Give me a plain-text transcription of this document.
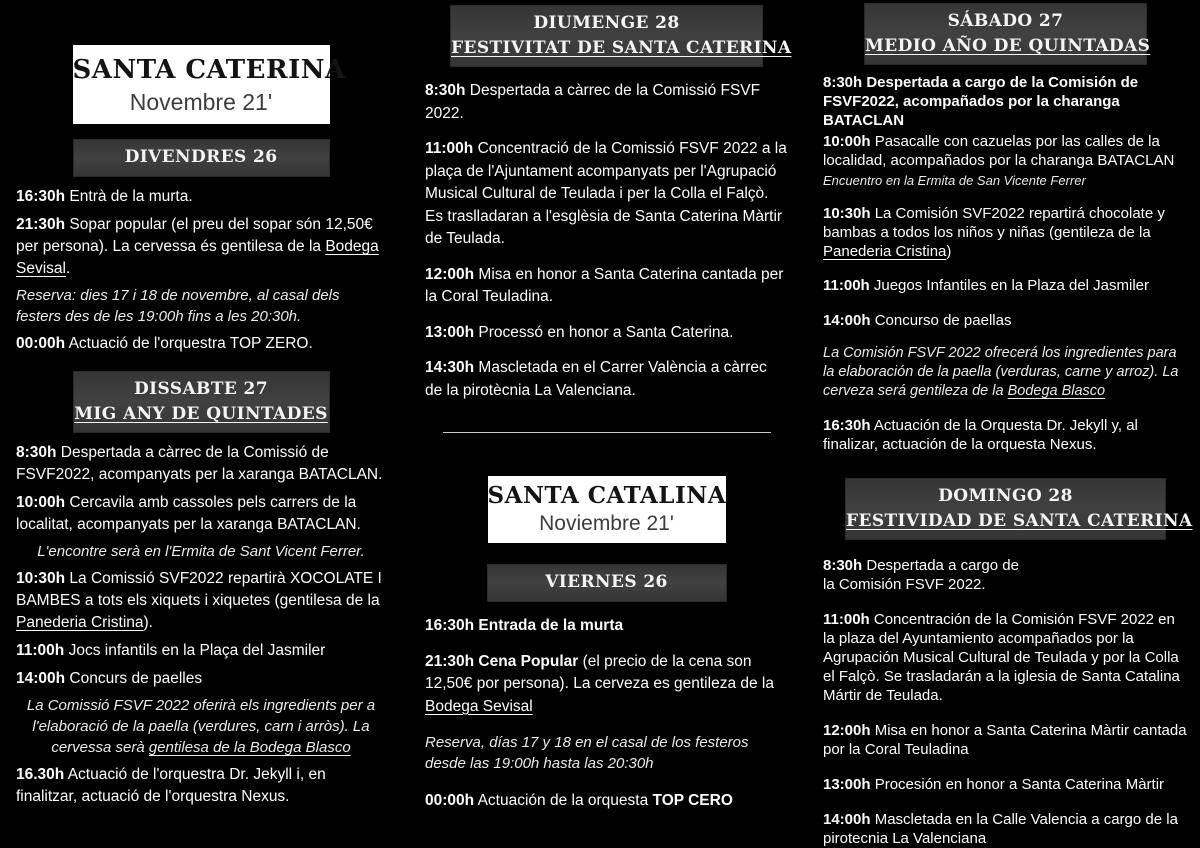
SANTA CATERINA
Novembre 21'
DIVENDRES 26
16:30h Entrà de la murta.
21:30h Sopar popular (el preu del sopar són 12,50€ per persona). La cervessa és gentilesa de la Bodega Sevisal.
Reserva: dies 17 i 18 de novembre, al casal dels festers des de les 19:00h fins a les 20:30h.
00:00h Actuació de l'orquestra TOP ZERO.
DISSABTE 27
MIG ANY DE QUINTADES
8:30h Despertada a càrrec de la Comissió de FSVF2022, acompanyats per la xaranga BATACLAN.
10:00h Cercavila amb cassoles pels carrers de la localitat, acompanyats per la xaranga BATACLAN.
L'encontre serà en l'Ermita de Sant Vicent Ferrer.
10:30h La Comissió SVF2022 repartirà XOCOLATE I BAMBES a tots els xiquets i xiquetes (gentilesa de la Panederia Cristina).
11:00h Jocs infantils en la Plaça del Jasmiler
14:00h Concurs de paelles
La Comissió FSVF 2022 oferirà els ingredients per a l'elaboració de la paella (verdures, carn i arròs). La cervessa serà gentilesa de la Bodega Blasco
16.30h Actuació de l'orquestra Dr. Jekyll i, en finalitzar, actuació de l'orquestra Nexus.
DIUMENGE 28
FESTIVITAT DE SANTA CATERINA
8:30h Despertada a càrrec de la Comissió FSVF 2022.
11:00h Concentració de la Comissió FSVF 2022 a la plaça de l'Ajuntament acompanyats per l'Agrupació Musical Cultural de Teulada i per la Colla el Falçò. Es traslladaran a l'esglèsia de Santa Caterina Màrtir de Teulada.
12:00h Misa en honor a Santa Caterina cantada per la Coral Teuladina.
13:00h Processó en honor a Santa Caterina.
14:30h Mascletada en el Carrer València a càrrec de la pirotècnia La Valenciana.
SANTA CATALINA
Noviembre 21'
VIERNES 26
16:30h Entrada de la murta
21:30h Cena Popular (el precio de la cena son 12,50€ por persona). La cerveza es gentileza de la Bodega Sevisal
Reserva, días 17 y 18 en el casal de los festeros desde las 19:00h hasta las 20:30h
00:00h Actuación de la orquesta TOP CERO
SÁBADO 27
MEDIO AÑO DE QUINTADAS
8:30h Despertada a cargo de la Comisión de
FSVF2022, acompañados por la charanga
BATACLAN
10:00h Pasacalle con cazuelas por las calles de la localidad, acompañados por la charanga BATACLAN
Encuentro en la Ermita de San Vicente Ferrer
10:30h La Comisión SVF2022 repartirá chocolate y bambas a todos los niños y niñas (gentileza de la Panederia Cristina)
11:00h Juegos Infantiles en la Plaza del Jasmiler
14:00h Concurso de paellas
La Comisión FSVF 2022 ofrecerá los ingredientes para la elaboración de la paella (verduras, carne y arroz). La cerveza será gentileza de la Bodega Blasco
16:30h Actuación de la Orquesta Dr. Jekyll y, al finalizar, actuación de la orquesta Nexus.
DOMINGO 28
FESTIVIDAD DE SANTA CATERINA
8:30h Despertada a cargo de
la Comisión FSVF 2022.
11:00h Concentración de la Comisión FSVF 2022 en la plaza del Ayuntamiento acompañados por la Agrupación Musical Cultural de Teulada y por la Colla el Falçò. Se trasladarán a la iglesia de Santa Catalina Mártir de Teulada.
12:00h Misa en honor a Santa Caterina Màrtir cantada por la Coral Teuladina
13:00h Procesión en honor a Santa Caterina Màrtir
14:00h Mascletada en la Calle Valencia a cargo de la pirotecnia La Valenciana
